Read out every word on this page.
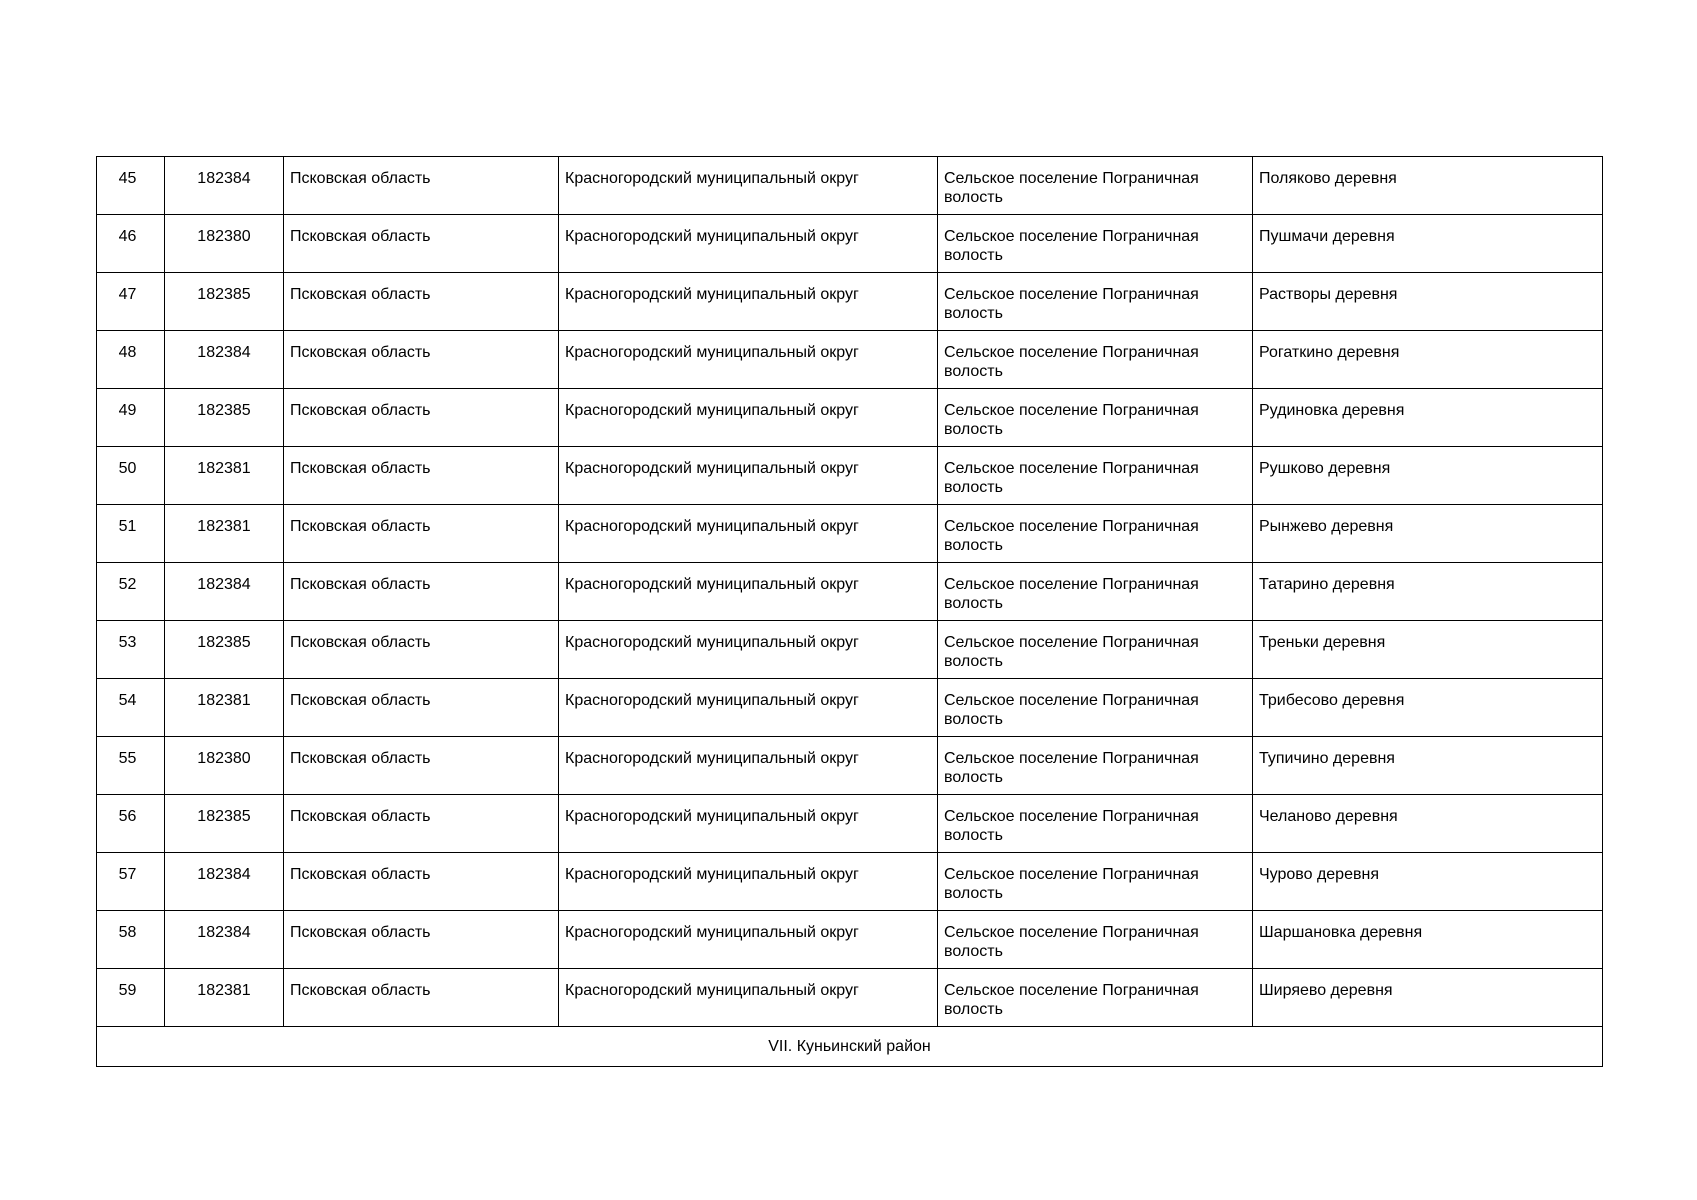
45	182384	Псковская область	Красногородский муниципальный округ	Сельское поселение Пограничная волость	Поляково деревня
46	182380	Псковская область	Красногородский муниципальный округ	Сельское поселение Пограничная волость	Пушмачи деревня
47	182385	Псковская область	Красногородский муниципальный округ	Сельское поселение Пограничная волость	Растворы деревня
48	182384	Псковская область	Красногородский муниципальный округ	Сельское поселение Пограничная волость	Рогаткино деревня
49	182385	Псковская область	Красногородский муниципальный округ	Сельское поселение Пограничная волость	Рудиновка деревня
50	182381	Псковская область	Красногородский муниципальный округ	Сельское поселение Пограничная волость	Рушково деревня
51	182381	Псковская область	Красногородский муниципальный округ	Сельское поселение Пограничная волость	Рынжево деревня
52	182384	Псковская область	Красногородский муниципальный округ	Сельское поселение Пограничная волость	Татарино деревня
53	182385	Псковская область	Красногородский муниципальный округ	Сельское поселение Пограничная волость	Треньки деревня
54	182381	Псковская область	Красногородский муниципальный округ	Сельское поселение Пограничная волость	Трибесово деревня
55	182380	Псковская область	Красногородский муниципальный округ	Сельское поселение Пограничная волость	Тупичино деревня
56	182385	Псковская область	Красногородский муниципальный округ	Сельское поселение Пограничная волость	Челаново деревня
57	182384	Псковская область	Красногородский муниципальный округ	Сельское поселение Пограничная волость	Чурово деревня
58	182384	Псковская область	Красногородский муниципальный округ	Сельское поселение Пограничная волость	Шаршановка деревня
59	182381	Псковская область	Красногородский муниципальный округ	Сельское поселение Пограничная волость	Ширяево деревня
VII. Куньинский район					
